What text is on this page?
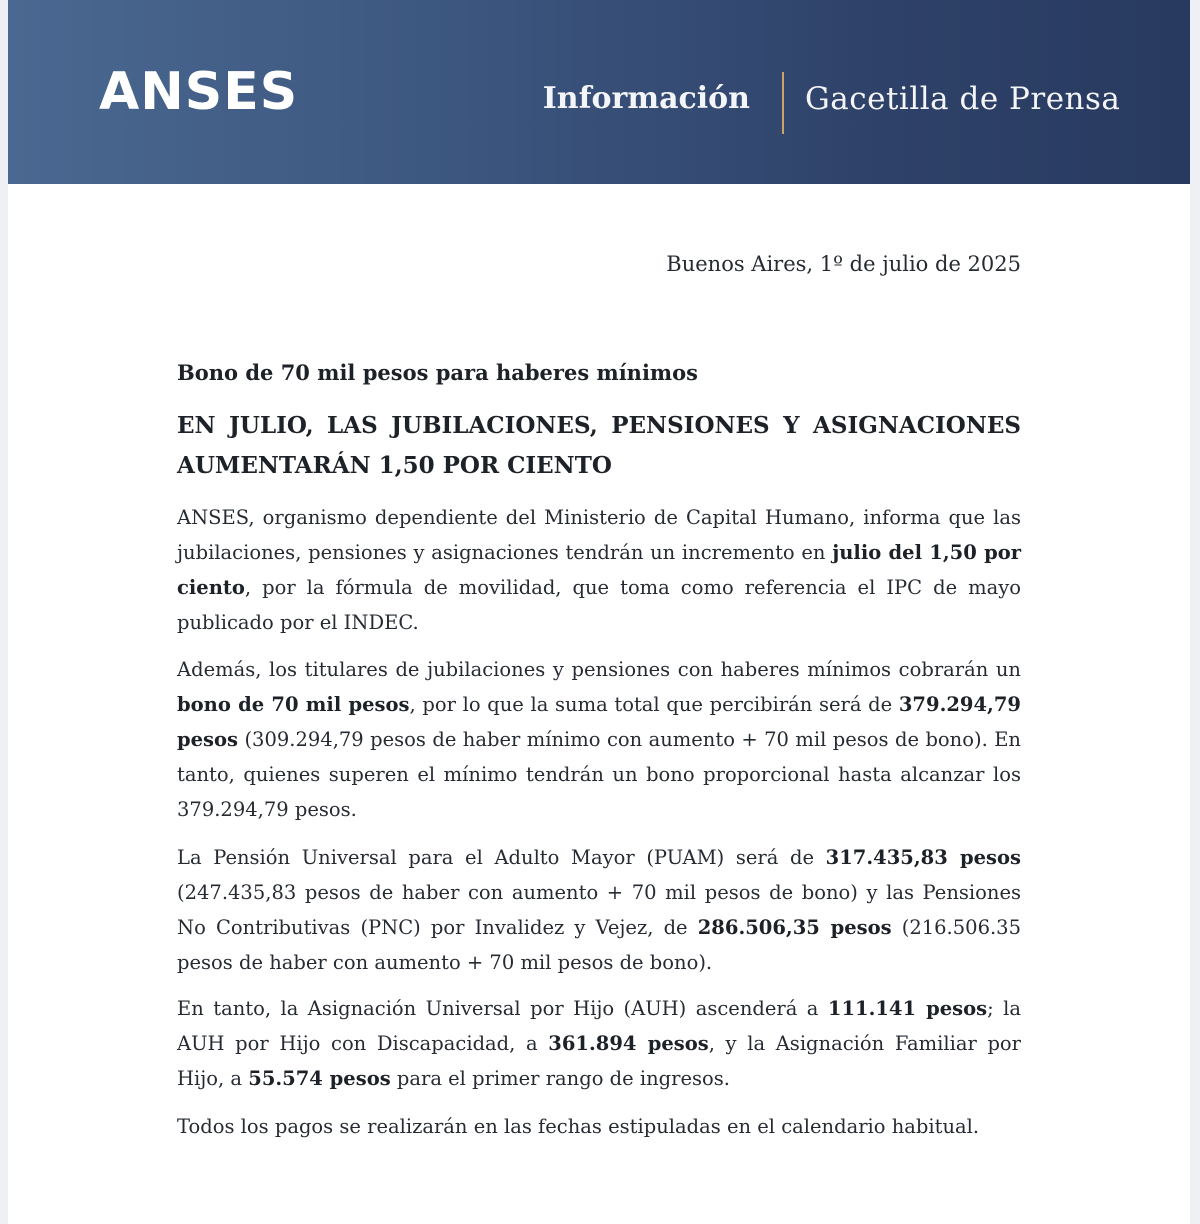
ANSES	Información Gacetilla de Prensa
Buenos Aires, 1º de julio de 2025
Bono de 70 mil pesos para haberes mínimos
EN JULIO, LAS JUBILACIONES, PENSIONES Y ASIGNACIONES AUMENTARÁN 1,50 POR CIENTO

ANSES, organismo dependiente del Ministerio de Capital Humano, informa que las jubilaciones, pensiones y asignaciones tendrán un incremento en julio del 1,50 por ciento, por la fórmula de movilidad, que toma como referencia el IPC de mayo publicado por el INDEC.

Además, los titulares de jubilaciones y pensiones con haberes mínimos cobrarán un bono de 70 mil pesos, por lo que la suma total que percibirán será de 379.294,79 pesos (309.294,79 pesos de haber mínimo con aumento + 70 mil pesos de bono). En tanto, quienes superen el mínimo tendrán un bono proporcional hasta alcanzar los 379.294,79 pesos.

La Pensión Universal para el Adulto Mayor (PUAM) será de 317.435,83 pesos (247.435,83 pesos de haber con aumento + 70 mil pesos de bono) y las Pensiones No Contributivas (PNC) por Invalidez y Vejez, de 286.506,35 pesos (216.506.35 pesos de haber con aumento + 70 mil pesos de bono).

En tanto, la Asignación Universal por Hijo (AUH) ascenderá a 111.141 pesos; la AUH por Hijo con Discapacidad, a 361.894 pesos, y la Asignación Familiar por Hijo, a 55.574 pesos para el primer rango de ingresos.

Todos los pagos se realizarán en las fechas estipuladas en el calendario habitual.
